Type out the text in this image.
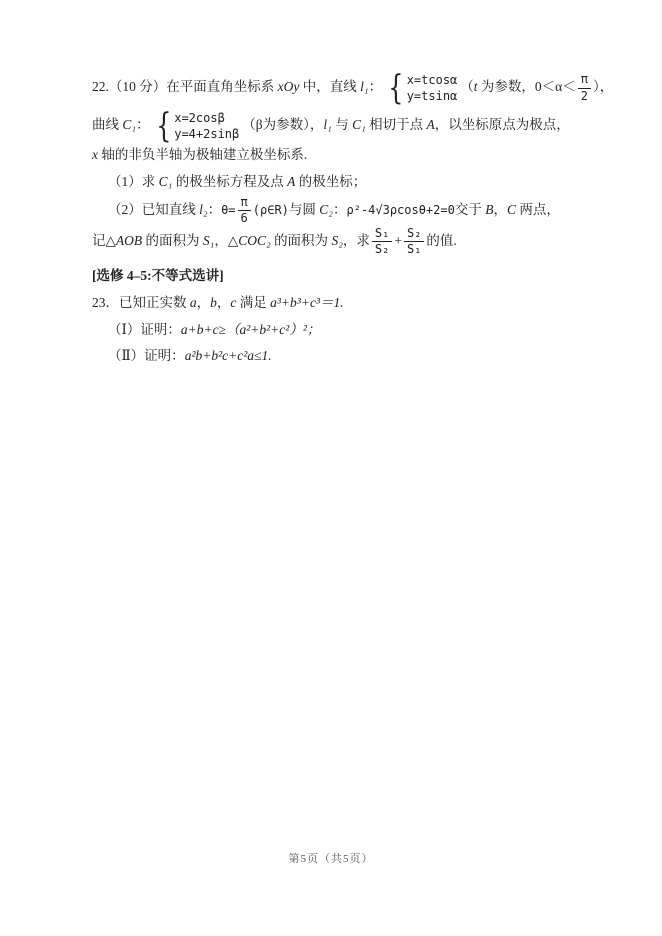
22.（10 分）在平面直角坐标系 xOy 中，直线 l₁： { x=tcosα
y=tsinα
（t 为参数，$0<\alpha< \frac{\pi}{2}$ ），
曲线 C₁： { x=2cosβ
y=4+2sinβ
（β为参数），l₁ 与 C₁ 相切于点 A，以坐标原点为极点，x 轴的非负半轴为极轴建立极坐标系.
（1）求 C₁ 的极坐标方程及点 A 的极坐标；
（2）已知直线 l₂：$\theta= \frac{\pi}{6}$ (ρ∈R)与圆 C₂：ρ²-4√3ρcosθ+2=0交于 B，C 两点，
记△AOB 的面积为 S₁，△COC₂ 的面积为 S₂，求 $\frac{\text{S₁}}{\text{S₂}} + \frac{\text{S₂}}{\text{S₁}}$ 的值.
[选修 4–5:不等式选讲]
23．已知正实数 a，b，c 满足 a³+b³+c³＝1.
（Ⅰ）证明：a+b+c≥（a²+b²+c²）²；
（Ⅱ）证明：a²b+b²c+c²a≤1.
第5页（共5页）
